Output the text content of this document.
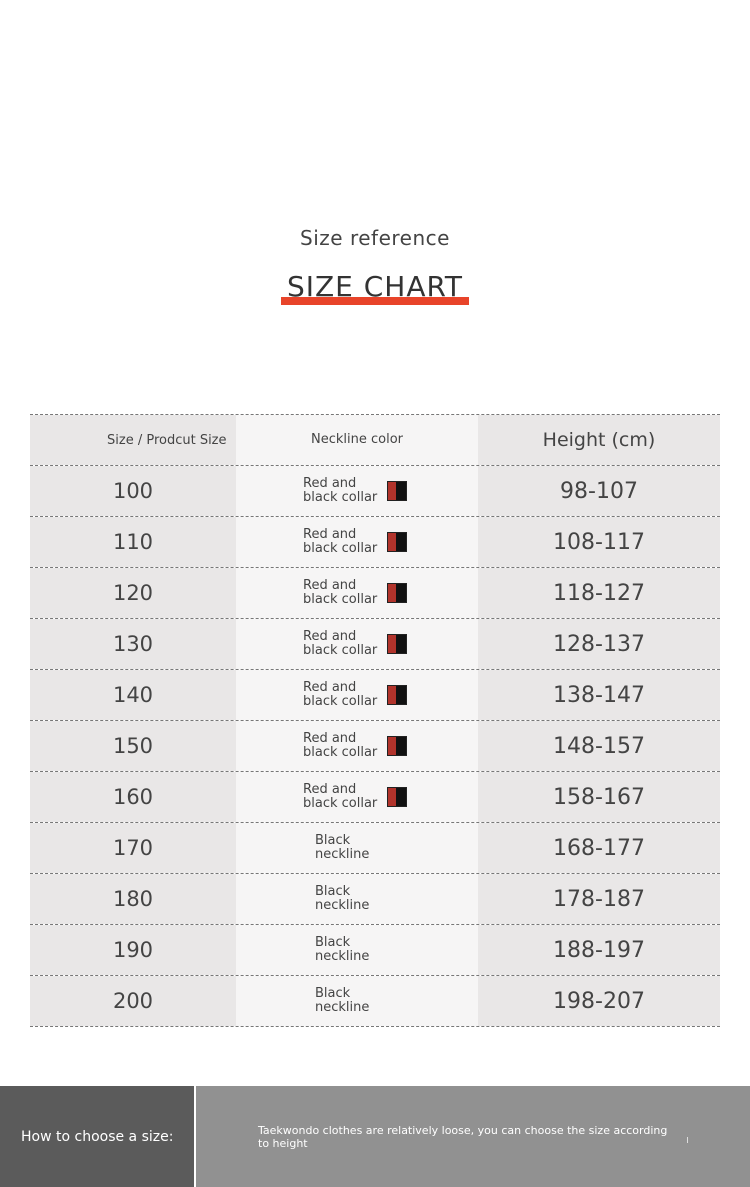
Size reference
SIZE CHART
Size / Prodcut Size	Neckline color	Height (cm)
100	Red and black collar	98-107
110	Red and black collar	108-117
120	Red and black collar	118-127
130	Red and black collar	128-137
140	Red and black collar	138-147
150	Red and black collar	148-157
160	Red and black collar	158-167
170	Black neckline	168-177
180	Black neckline	178-187
190	Black neckline	188-197
200	Black neckline	198-207
How to choose a size:	Taekwondo clothes are relatively loose, you can choose the size according to height
